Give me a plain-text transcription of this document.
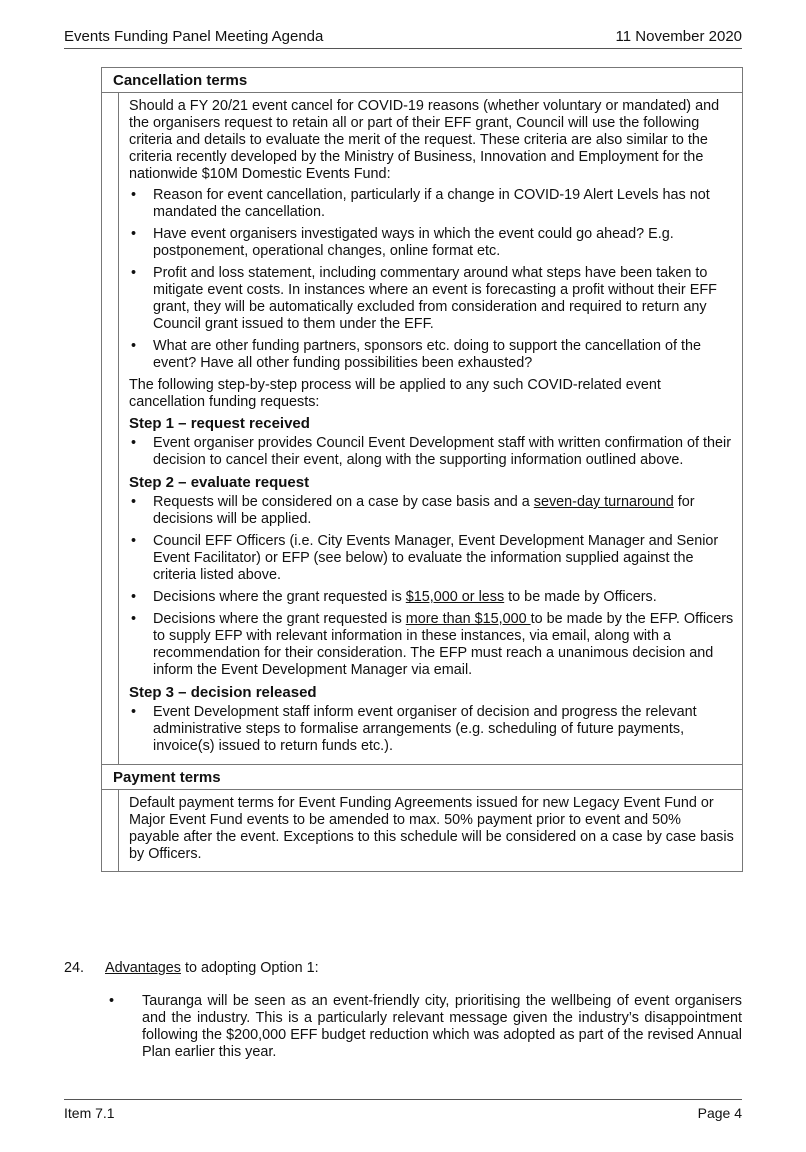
Events Funding Panel Meeting Agenda	11 November 2020
Cancellation terms

Should a FY 20/21 event cancel for COVID-19 reasons (whether voluntary or mandated) and the organisers request to retain all or part of their EFF grant, Council will use the following criteria and details to evaluate the merit of the request. These criteria are also similar to the criteria recently developed by the Ministry of Business, Innovation and Employment for the nationwide $10M Domestic Events Fund:

• Reason for event cancellation, particularly if a change in COVID-19 Alert Levels has not mandated the cancellation.
• Have event organisers investigated ways in which the event could go ahead? E.g. postponement, operational changes, online format etc.
• Profit and loss statement, including commentary around what steps have been taken to mitigate event costs. In instances where an event is forecasting a profit without their EFF grant, they will be automatically excluded from consideration and required to return any Council grant issued to them under the EFF.
• What are other funding partners, sponsors etc. doing to support the cancellation of the event? Have all other funding possibilities been exhausted?

The following step-by-step process will be applied to any such COVID-related event cancellation funding requests:

Step 1 – request received
• Event organiser provides Council Event Development staff with written confirmation of their decision to cancel their event, along with the supporting information outlined above.
Step 2 – evaluate request
• Requests will be considered on a case by case basis and a seven-day turnaround for decisions will be applied.
• Council EFF Officers (i.e. City Events Manager, Event Development Manager and Senior Event Facilitator) or EFP (see below) to evaluate the information supplied against the criteria listed above.
• Decisions where the grant requested is $15,000 or less to be made by Officers.
• Decisions where the grant requested is more than $15,000 to be made by the EFP. Officers to supply EFP with relevant information in these instances, via email, along with a recommendation for their consideration. The EFP must reach a unanimous decision and inform the Event Development Manager via email.
Step 3 – decision released
• Event Development staff inform event organiser of decision and progress the relevant administrative steps to formalise arrangements (e.g. scheduling of future payments, invoice(s) issued to return funds etc.).
Payment terms

Default payment terms for Event Funding Agreements issued for new Legacy Event Fund or Major Event Fund events to be amended to max. 50% payment prior to event and 50% payable after the event. Exceptions to this schedule will be considered on a case by case basis by Officers.

24. Advantages to adopting Option 1:
• Tauranga will be seen as an event-friendly city, prioritising the wellbeing of event organisers and the industry. This is a particularly relevant message given the industry’s disappointment following the $200,000 EFF budget reduction which was adopted as part of the revised Annual Plan earlier this year.
Item 7.1	Page 4
